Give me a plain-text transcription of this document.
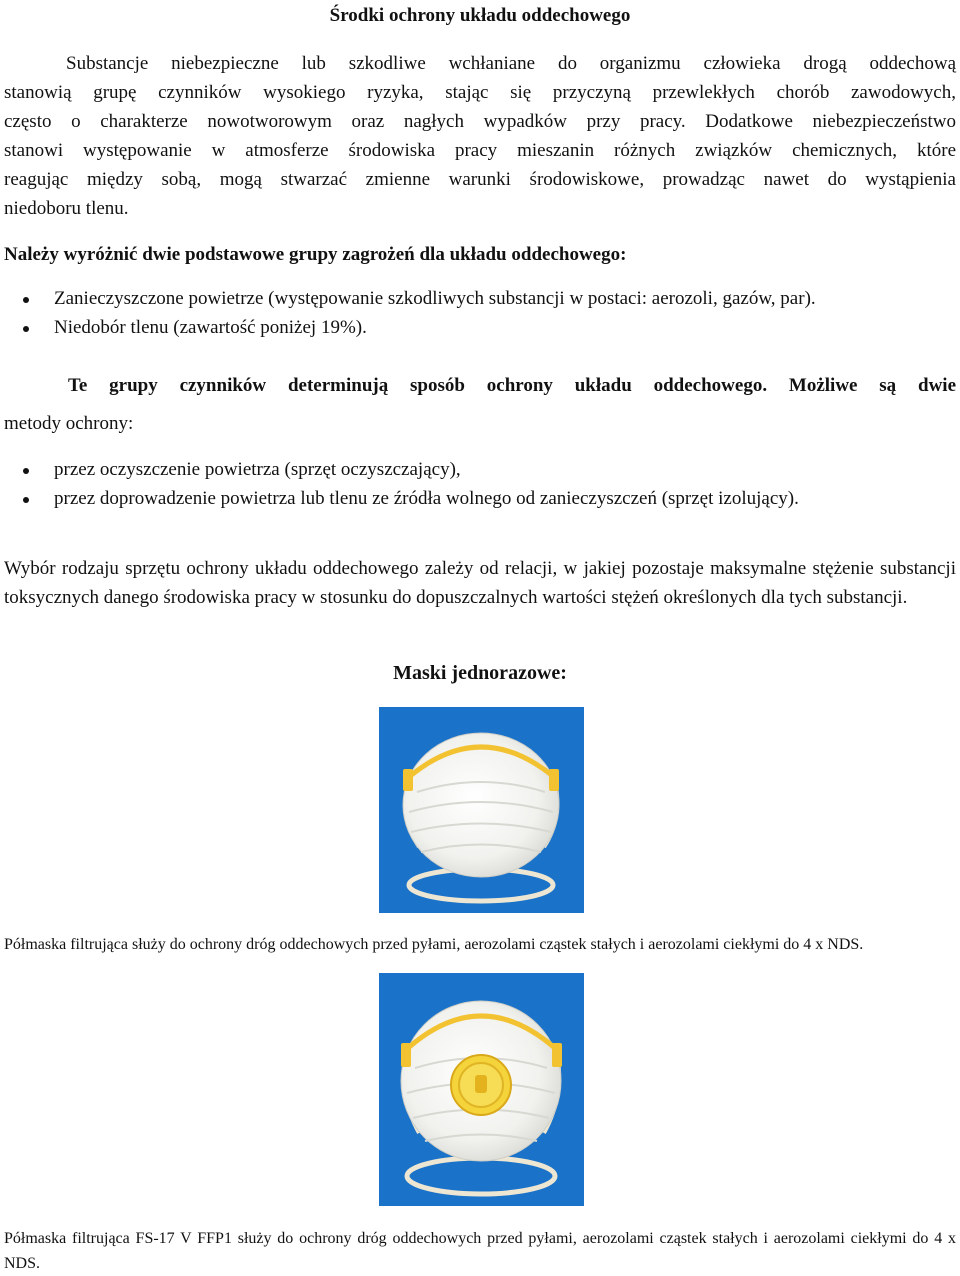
Środki ochrony układu oddechowego
Substancje niebezpieczne lub szkodliwe wchłaniane do organizmu człowieka drogą oddechową
stanowią grupę czynników wysokiego ryzyka, stając się przyczyną przewlekłych chorób zawodowych,
często o charakterze nowotworowym oraz nagłych wypadków przy pracy. Dodatkowe niebezpieczeństwo
stanowi występowanie w atmosferze środowiska pracy mieszanin różnych związków chemicznych, które
reagując między sobą, mogą stwarzać zmienne warunki środowiskowe, prowadząc nawet do wystąpienia
niedoboru tlenu.
Należy wyróżnić dwie podstawowe grupy zagrożeń dla układu oddechowego:
Zanieczyszczone powietrze (występowanie szkodliwych substancji w postaci: aerozoli, gazów, par).
Niedobór tlenu (zawartość poniżej 19%).
Te grupy czynników determinują sposób ochrony układu oddechowego. Możliwe są dwie
metody ochrony:
przez oczyszczenie powietrza (sprzęt oczyszczający),
przez doprowadzenie powietrza lub tlenu ze źródła wolnego od zanieczyszczeń (sprzęt izolujący).
Wybór rodzaju sprzętu ochrony układu oddechowego zależy od relacji, w jakiej pozostaje maksymalne stężenie substancji toksycznych danego środowiska pracy w stosunku do dopuszczalnych wartości stężeń określonych dla tych substancji.
Maski jednorazowe:
Półmaska filtrująca służy do ochrony dróg oddechowych przed pyłami, aerozolami cząstek stałych i aerozolami ciekłymi do 4 x NDS.
Półmaska filtrująca FS-17 V FFP1 służy do ochrony dróg oddechowych przed pyłami, aerozolami cząstek stałych i aerozolami ciekłymi do 4 x NDS.
